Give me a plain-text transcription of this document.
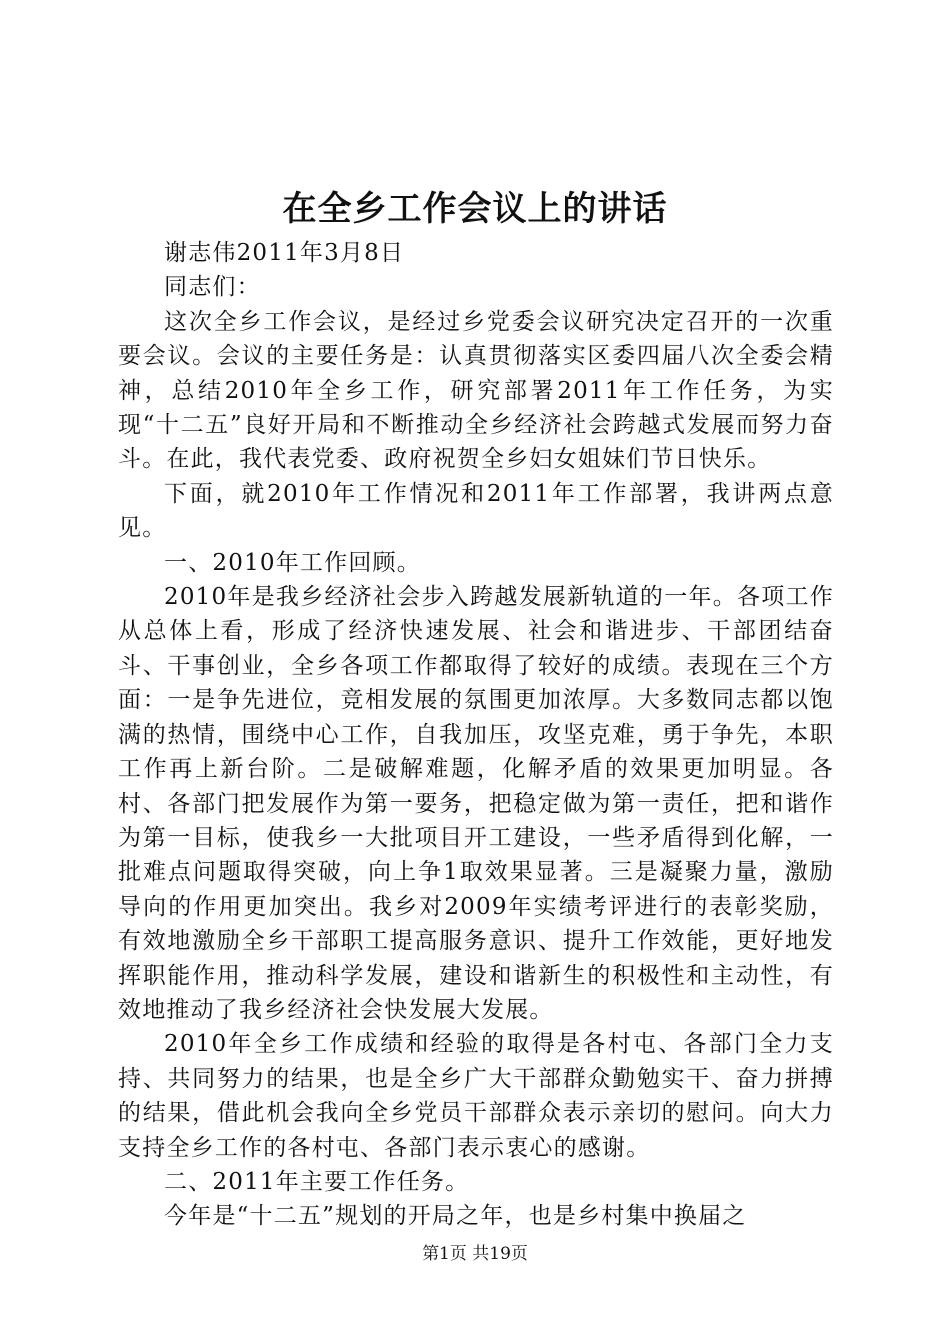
在全乡工作会议上的讲话

谢志伟2011年3月8日

同志们：

这次全乡工作会议，是经过乡党委会议研究决定召开的一次重要会议。会议的主要任务是：认真贯彻落实区委四届八次全委会精神，总结2010年全乡工作，研究部署2011年工作任务，为实现“十二五”良好开局和不断推动全乡经济社会跨越式发展而努力奋斗。在此，我代表党委、政府祝贺全乡妇女姐妹们节日快乐。

下面，就2010年工作情况和2011年工作部署，我讲两点意见。

一、2010年工作回顾。

2010年是我乡经济社会步入跨越发展新轨道的一年。各项工作从总体上看，形成了经济快速发展、社会和谐进步、干部团结奋斗、干事创业，全乡各项工作都取得了较好的成绩。表现在三个方面：一是争先进位，竞相发展的氛围更加浓厚。大多数同志都以饱满的热情，围绕中心工作，自我加压，攻坚克难，勇于争先，本职工作再上新台阶。二是破解难题，化解矛盾的效果更加明显。各村、各部门把发展作为第一要务，把稳定做为第一责任，把和谐作为第一目标，使我乡一大批项目开工建设，一些矛盾得到化解，一批难点问题取得突破，向上争1取效果显著。三是凝聚力量，激励导向的作用更加突出。我乡对2009年实绩考评进行的表彰奖励，有效地激励全乡干部职工提高服务意识、提升工作效能，更好地发挥职能作用，推动科学发展，建设和谐新生的积极性和主动性，有效地推动了我乡经济社会快发展大发展。

2010年全乡工作成绩和经验的取得是各村屯、各部门全力支持、共同努力的结果，也是全乡广大干部群众勤勉实干、奋力拼搏的结果，借此机会我向全乡党员干部群众表示亲切的慰问。向大力支持全乡工作的各村屯、各部门表示衷心的感谢。

二、2011年主要工作任务。

今年是“十二五”规划的开局之年，也是乡村集中换届之

第1页 共19页
